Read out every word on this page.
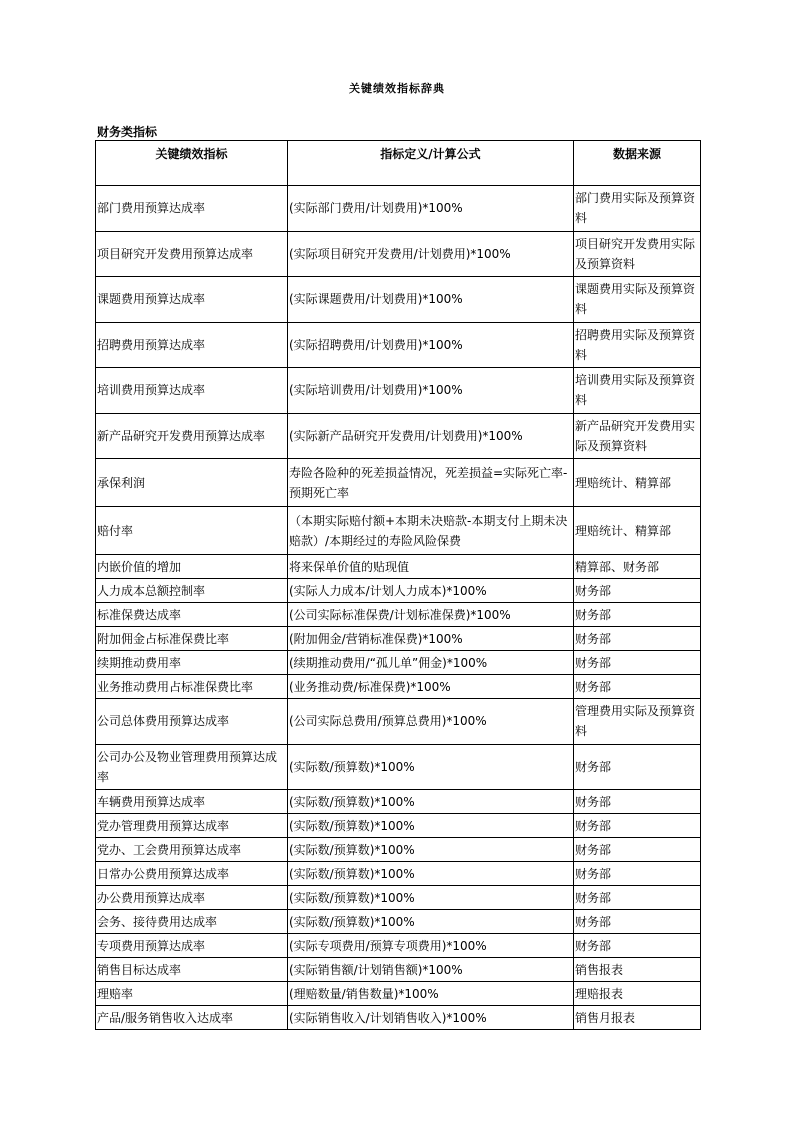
关键绩效指标辞典
财务类指标
关键绩效指标	指标定义/计算公式	数据来源
部门费用预算达成率	(实际部门费用/计划费用)*100%	部门费用实际及预算资料
项目研究开发费用预算达成率	(实际项目研究开发费用/计划费用)*100%	项目研究开发费用实际及预算资料
课题费用预算达成率	(实际课题费用/计划费用)*100%	课题费用实际及预算资料
招聘费用预算达成率	(实际招聘费用/计划费用)*100%	招聘费用实际及预算资料
培训费用预算达成率	(实际培训费用/计划费用)*100%	培训费用实际及预算资料
新产品研究开发费用预算达成率	(实际新产品研究开发费用/计划费用)*100%	新产品研究开发费用实际及预算资料
承保利润	寿险各险种的死差损益情况，死差损益=实际死亡率-预期死亡率	理赔统计、精算部
赔付率	（本期实际赔付额+本期未决赔款-本期支付上期未决赔款）/本期经过的寿险风险保费	理赔统计、精算部
内嵌价值的增加	将来保单价值的贴现值	精算部、财务部
人力成本总额控制率	(实际人力成本/计划人力成本)*100%	财务部
标准保费达成率	(公司实际标准保费/计划标准保费)*100%	财务部
附加佣金占标准保费比率	(附加佣金/营销标准保费)*100%	财务部
续期推动费用率	(续期推动费用/“孤儿单”佣金)*100%	财务部
业务推动费用占标准保费比率	(业务推动费/标准保费)*100%	财务部
公司总体费用预算达成率	(公司实际总费用/预算总费用)*100%	管理费用实际及预算资料
公司办公及物业管理费用预算达成率	(实际数/预算数)*100%	财务部
车辆费用预算达成率	(实际数/预算数)*100%	财务部
党办管理费用预算达成率	(实际数/预算数)*100%	财务部
党办、工会费用预算达成率	(实际数/预算数)*100%	财务部
日常办公费用预算达成率	(实际数/预算数)*100%	财务部
办公费用预算达成率	(实际数/预算数)*100%	财务部
会务、接待费用达成率	(实际数/预算数)*100%	财务部
专项费用预算达成率	(实际专项费用/预算专项费用)*100%	财务部
销售目标达成率	(实际销售额/计划销售额)*100%	销售报表
理赔率	(理赔数量/销售数量)*100%	理赔报表
产品/服务销售收入达成率	(实际销售收入/计划销售收入)*100%	销售月报表
